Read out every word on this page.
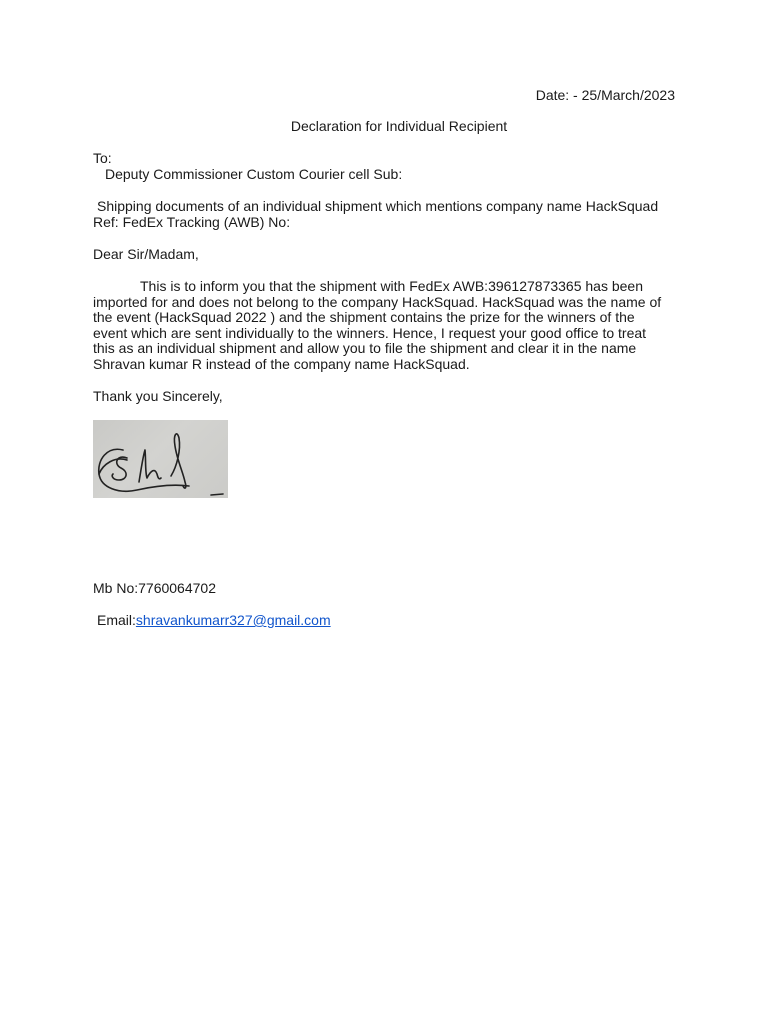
Date: - 25/March/2023
Declaration for Individual Recipient
To:
Deputy Commissioner Custom Courier cell Sub:
Shipping documents of an individual shipment which mentions company name HackSquad
Ref: FedEx Tracking (AWB) No:
Dear Sir/Madam,
This is to inform you that the shipment with FedEx AWB:396127873365 has been
imported for and does not belong to the company HackSquad. HackSquad was the name of
the event (HackSquad 2022 ) and the shipment contains the prize for the winners of the
event which are sent individually to the winners. Hence, I request your good office to treat
this as an individual shipment and allow you to file the shipment and clear it in the name
Shravan kumar R instead of the company name HackSquad.
Thank you Sincerely,
Mb No:7760064702
Email:shravankumarr327@gmail.com
